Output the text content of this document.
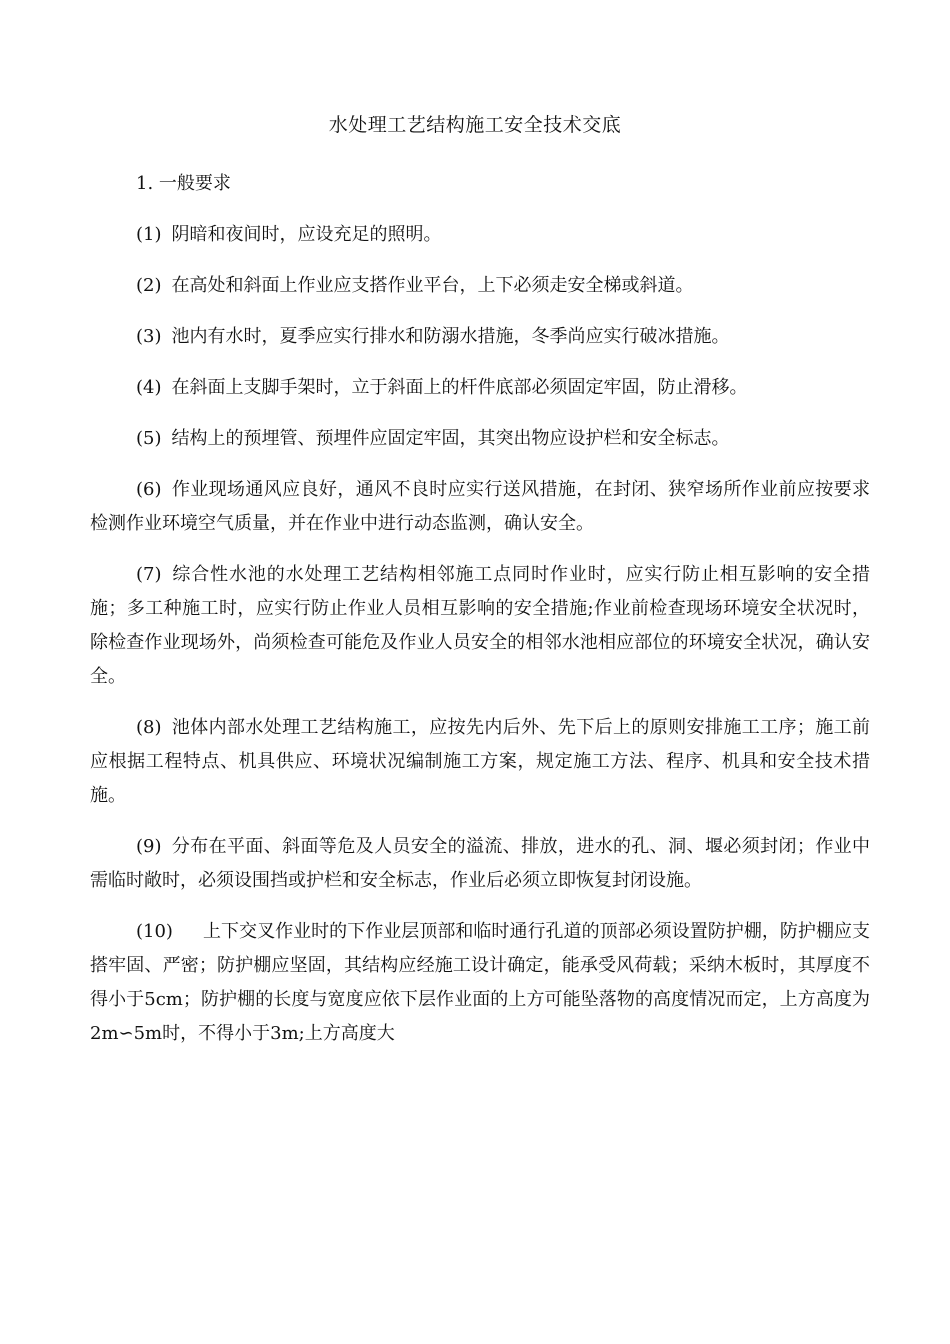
水处理工艺结构施工安全技术交底
1. 一般要求

(1) 阴暗和夜间时，应设充足的照明。

(2) 在高处和斜面上作业应支搭作业平台，上下必须走安全梯或斜道。

(3) 池内有水时，夏季应实行排水和防溺水措施，冬季尚应实行破冰措施。

(4) 在斜面上支脚手架时，立于斜面上的杆件底部必须固定牢固，防止滑移。

(5) 结构上的预埋管、预埋件应固定牢固，其突出物应设护栏和安全标志。

(6) 作业现场通风应良好，通风不良时应实行送风措施，在封闭、狭窄场所作业前应按要求检测作业环境空气质量，并在作业中进行动态监测，确认安全。

(7) 综合性水池的水处理工艺结构相邻施工点同时作业时，应实行防止相互影响的安全措施；多工种施工时，应实行防止作业人员相互影响的安全措施;作业前检查现场环境安全状况时，除检查作业现场外，尚须检查可能危及作业人员安全的相邻水池相应部位的环境安全状况，确认安全。

(8) 池体内部水处理工艺结构施工，应按先内后外、先下后上的原则安排施工工序；施工前应根据工程特点、机具供应、环境状况编制施工方案，规定施工方法、程序、机具和安全技术措施。

(9) 分布在平面、斜面等危及人员安全的溢流、排放，进水的孔、洞、堰必须封闭；作业中需临时敞时，必须设围挡或护栏和安全标志，作业后必须立即恢复封闭设施。

(10) 上下交叉作业时的下作业层顶部和临时通行孔道的顶部必须设置防护棚，防护棚应支搭牢固、严密；防护棚应坚固，其结构应经施工设计确定，能承受风荷载；采纳木板时，其厚度不得小于5cm；防护棚的长度与宽度应依下层作业面的上方可能坠落物的高度情况而定，上方高度为2m∽5m时，不得小于3m;上方高度大
